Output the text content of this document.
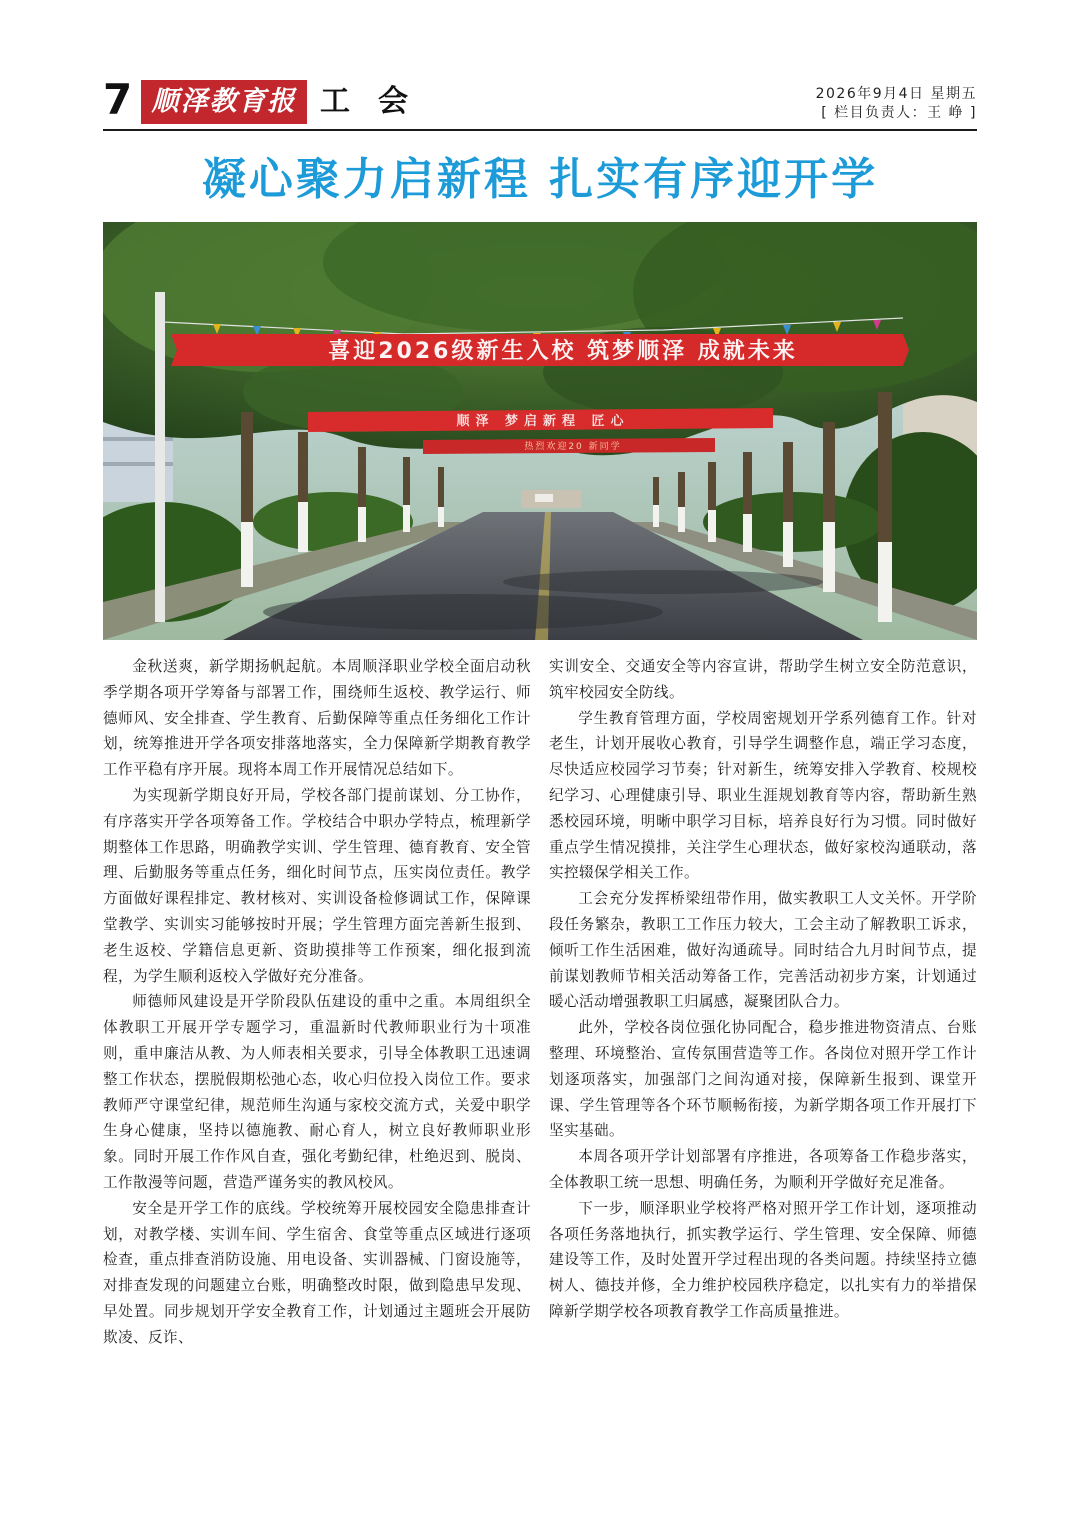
7 顺泽教育报 工会	2026年9月4日 星期五
[ 栏目负责人：王 峥 ]
凝心聚力启新程 扎实有序迎开学
喜迎2026级新生入校 筑梦顺泽 成就未来
顺泽 梦启新程 匠心
热烈欢迎20 新同学

金秋送爽，新学期扬帆起航。本周顺泽职业学校全面启动秋季学期各项开学筹备与部署工作，围绕师生返校、教学运行、师德师风、安全排查、学生教育、后勤保障等重点任务细化工作计划，统筹推进开学各项安排落地落实，全力保障新学期教育教学工作平稳有序开展。现将本周工作开展情况总结如下。

为实现新学期良好开局，学校各部门提前谋划、分工协作，有序落实开学各项筹备工作。学校结合中职办学特点，梳理新学期整体工作思路，明确教学实训、学生管理、德育教育、安全管理、后勤服务等重点任务，细化时间节点，压实岗位责任。教学方面做好课程排定、教材核对、实训设备检修调试工作，保障课堂教学、实训实习能够按时开展；学生管理方面完善新生报到、老生返校、学籍信息更新、资助摸排等工作预案，细化报到流程，为学生顺利返校入学做好充分准备。

师德师风建设是开学阶段队伍建设的重中之重。本周组织全体教职工开展开学专题学习，重温新时代教师职业行为十项准则，重申廉洁从教、为人师表相关要求，引导全体教职工迅速调整工作状态，摆脱假期松弛心态，收心归位投入岗位工作。要求教师严守课堂纪律，规范师生沟通与家校交流方式，关爱中职学生身心健康，坚持以德施教、耐心育人，树立良好教师职业形象。同时开展工作作风自查，强化考勤纪律，杜绝迟到、脱岗、工作散漫等问题，营造严谨务实的教风校风。

安全是开学工作的底线。学校统筹开展校园安全隐患排查计划，对教学楼、实训车间、学生宿舍、食堂等重点区域进行逐项检查，重点排查消防设施、用电设备、实训器械、门窗设施等，对排查发现的问题建立台账，明确整改时限，做到隐患早发现、早处置。同步规划开学安全教育工作，计划通过主题班会开展防欺凌、反诈、

实训安全、交通安全等内容宣讲，帮助学生树立安全防范意识，筑牢校园安全防线。

学生教育管理方面，学校周密规划开学系列德育工作。针对老生，计划开展收心教育，引导学生调整作息，端正学习态度，尽快适应校园学习节奏；针对新生，统筹安排入学教育、校规校纪学习、心理健康引导、职业生涯规划教育等内容，帮助新生熟悉校园环境，明晰中职学习目标，培养良好行为习惯。同时做好重点学生情况摸排，关注学生心理状态，做好家校沟通联动，落实控辍保学相关工作。

工会充分发挥桥梁纽带作用，做实教职工人文关怀。开学阶段任务繁杂，教职工工作压力较大，工会主动了解教职工诉求，倾听工作生活困难，做好沟通疏导。同时结合九月时间节点，提前谋划教师节相关活动筹备工作，完善活动初步方案，计划通过暖心活动增强教职工归属感，凝聚团队合力。

此外，学校各岗位强化协同配合，稳步推进物资清点、台账整理、环境整治、宣传氛围营造等工作。各岗位对照开学工作计划逐项落实，加强部门之间沟通对接，保障新生报到、课堂开课、学生管理等各个环节顺畅衔接，为新学期各项工作开展打下坚实基础。

本周各项开学计划部署有序推进，各项筹备工作稳步落实，全体教职工统一思想、明确任务，为顺利开学做好充足准备。

下一步，顺泽职业学校将严格对照开学工作计划，逐项推动各项任务落地执行，抓实教学运行、学生管理、安全保障、师德建设等工作，及时处置开学过程出现的各类问题。持续坚持立德树人、德技并修，全力维护校园秩序稳定，以扎实有力的举措保障新学期学校各项教育教学工作高质量推进。
